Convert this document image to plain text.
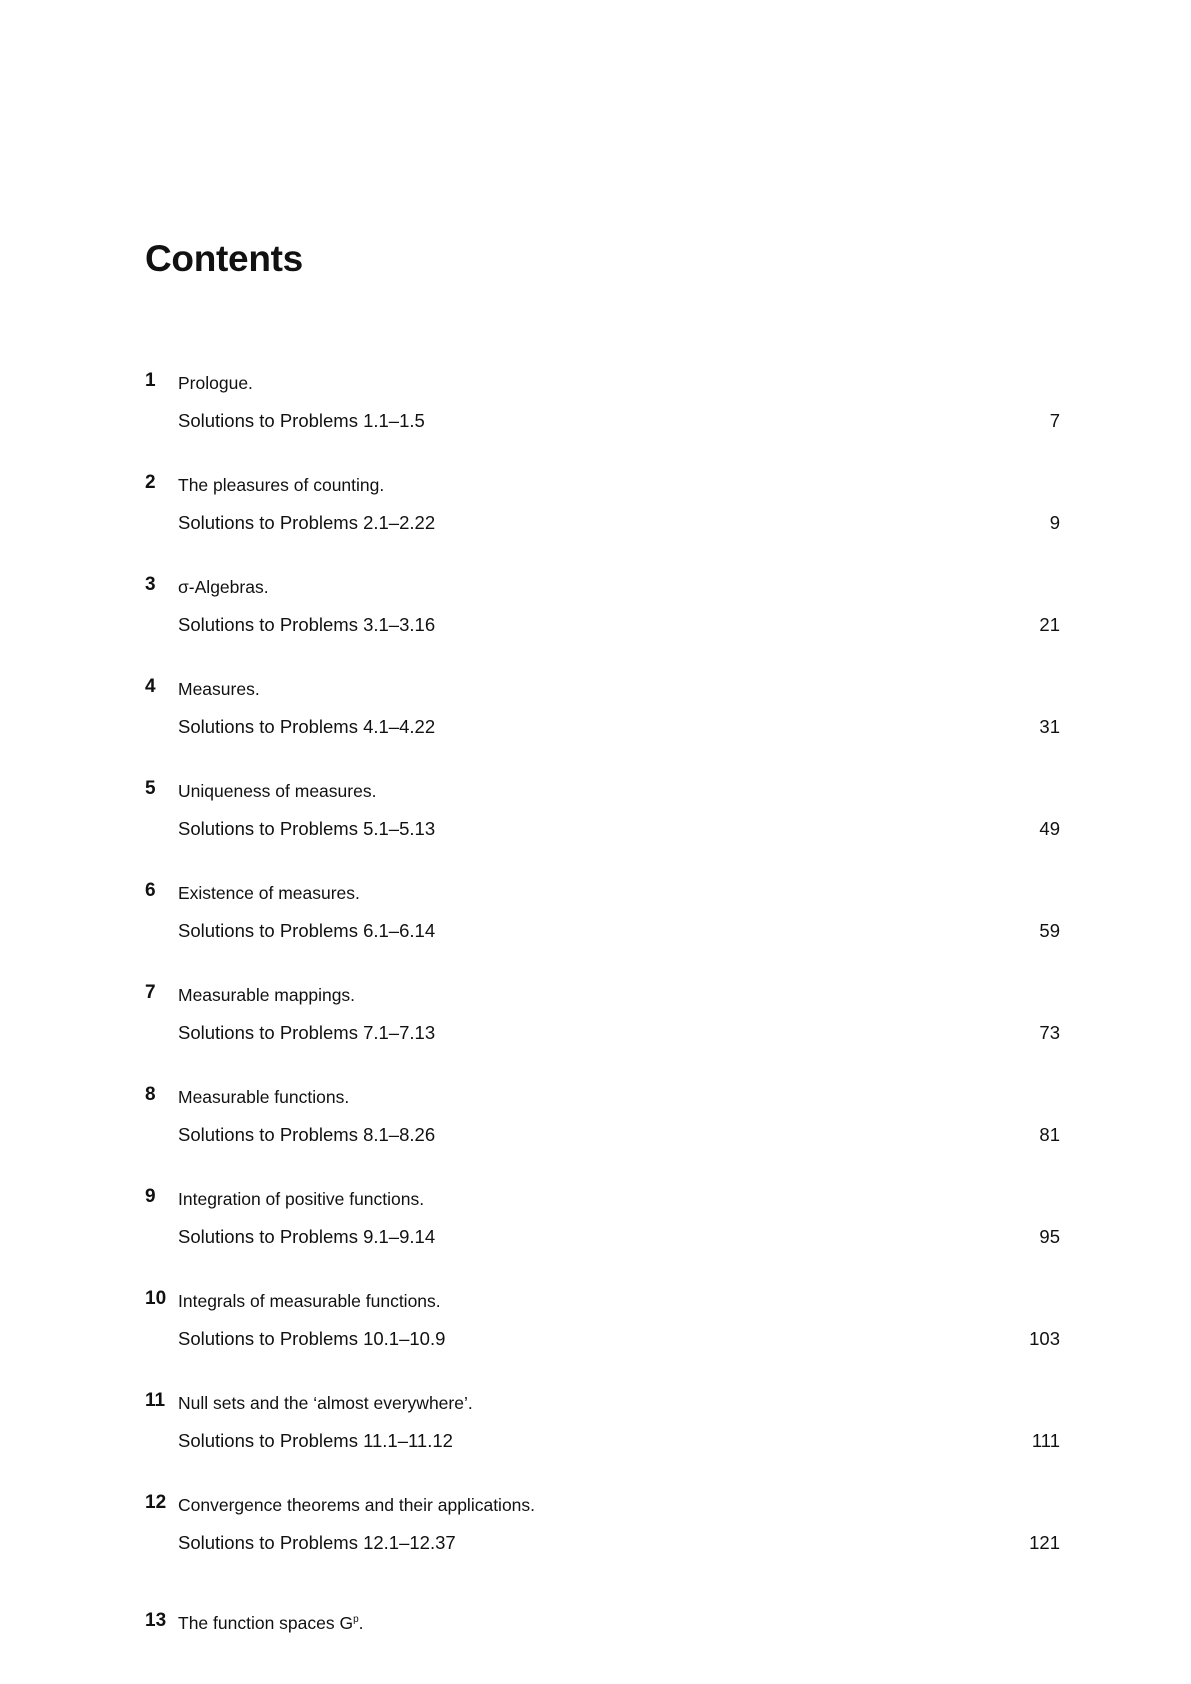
Contents
1 Prologue.
Solutions to Problems 1.1–1.5	7
2 The pleasures of counting.
Solutions to Problems 2.1–2.22	9
3 σ-Algebras.
Solutions to Problems 3.1–3.16	21
4 Measures.
Solutions to Problems 4.1–4.22	31
5 Uniqueness of measures.
Solutions to Problems 5.1–5.13	49
6 Existence of measures.
Solutions to Problems 6.1–6.14	59
7 Measurable mappings.
Solutions to Problems 7.1–7.13	73
8 Measurable functions.
Solutions to Problems 8.1–8.26	81
9 Integration of positive functions.
Solutions to Problems 9.1–9.14	95
10 Integrals of measurable functions.
Solutions to Problems 10.1–10.9	103
11 Null sets and the ‘almost everywhere’.
Solutions to Problems 11.1–11.12	111
12 Convergence theorems and their applications.
Solutions to Problems 12.1–12.37	121
13 The function spaces $G^p$.
